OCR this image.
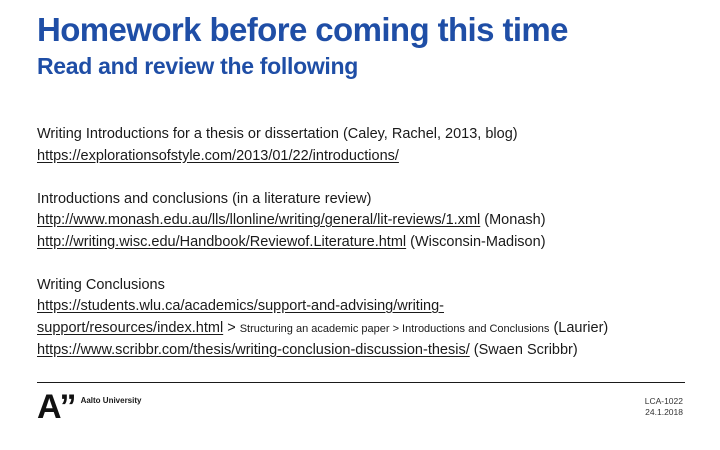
Homework before coming this time
Read and review the following
Writing Introductions for a thesis or dissertation (Caley, Rachel, 2013, blog)
https://explorationsofstyle.com/2013/01/22/introductions/
Introductions and conclusions (in a literature review)
http://www.monash.edu.au/lls/llonline/writing/general/lit-reviews/1.xml (Monash)
http://writing.wisc.edu/Handbook/Reviewof.Literature.html (Wisconsin-Madison)
Writing Conclusions
https://students.wlu.ca/academics/support-and-advising/writing-
support/resources/index.html > Structuring an academic paper > Introductions and Conclusions (Laurier)
https://www.scribbr.com/thesis/writing-conclusion-discussion-thesis/ (Swaen Scribbr)
A” Aalto University	LCA-1022
24.1.2018
